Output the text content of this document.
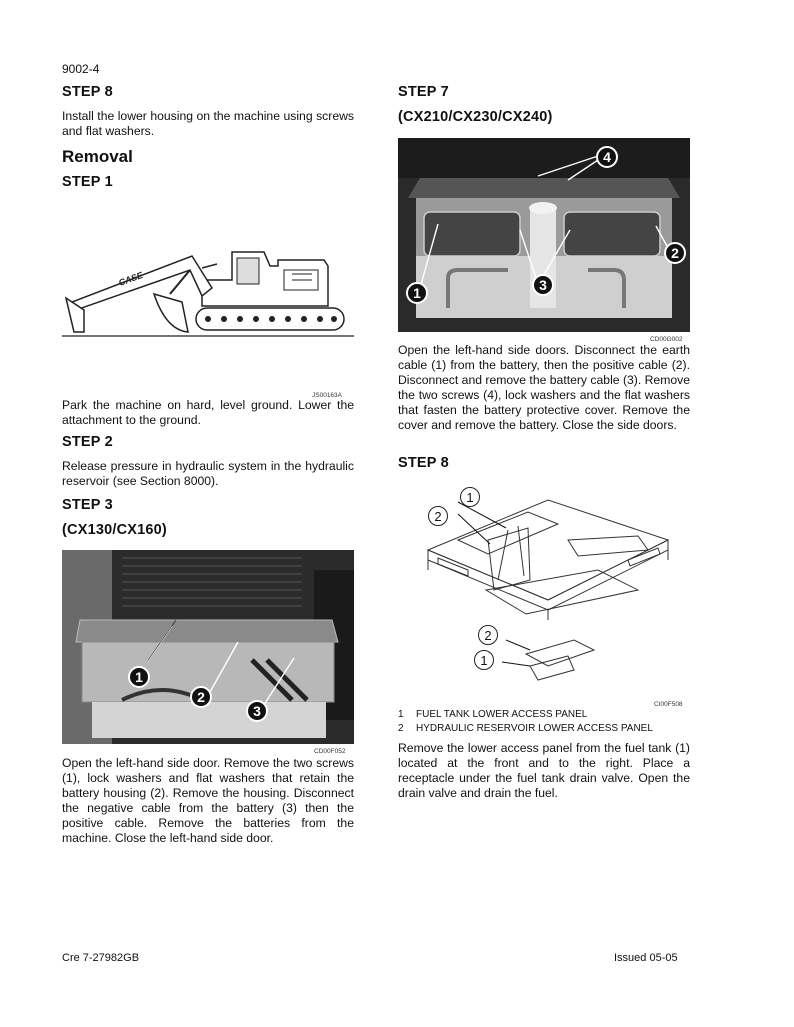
9002-4
STEP 8
Install the lower housing on the machine using screws and flat washers.
Removal
STEP 1
CASE
JS00163A
Park the machine on hard, level ground. Lower the attachment to the ground.
STEP 2
Release pressure in hydraulic system in the hydraulic reservoir (see Section 8000).
STEP 3
(CX130/CX160)
1
2
3
CD00F052
Open the left-hand side door. Remove the two screws (1), lock washers and flat washers that retain the battery housing (2). Remove the housing. Disconnect the negative cable from the battery (3) then the positive cable. Remove the batteries from the machine. Close the left-hand side door.
STEP 7
(CX210/CX230/CX240)
1
2
3
4
CD00G002
Open the left-hand side doors. Disconnect the earth cable (1) from the battery, then the positive cable (2). Disconnect and remove the battery cable (3). Remove the two screws (4), lock washers and the flat washers that fasten the battery protective cover. Remove the cover and remove the battery. Close the side doors.
STEP 8
1
2
2
1
CI00F508
1 FUEL TANK LOWER ACCESS PANEL
2 HYDRAULIC RESERVOIR LOWER ACCESS PANEL
Remove the lower access panel from the fuel tank (1) located at the front and to the right. Place a receptacle under the fuel tank drain valve. Open the drain valve and drain the fuel.
Cre 7-27982GB	Issued 05-05
